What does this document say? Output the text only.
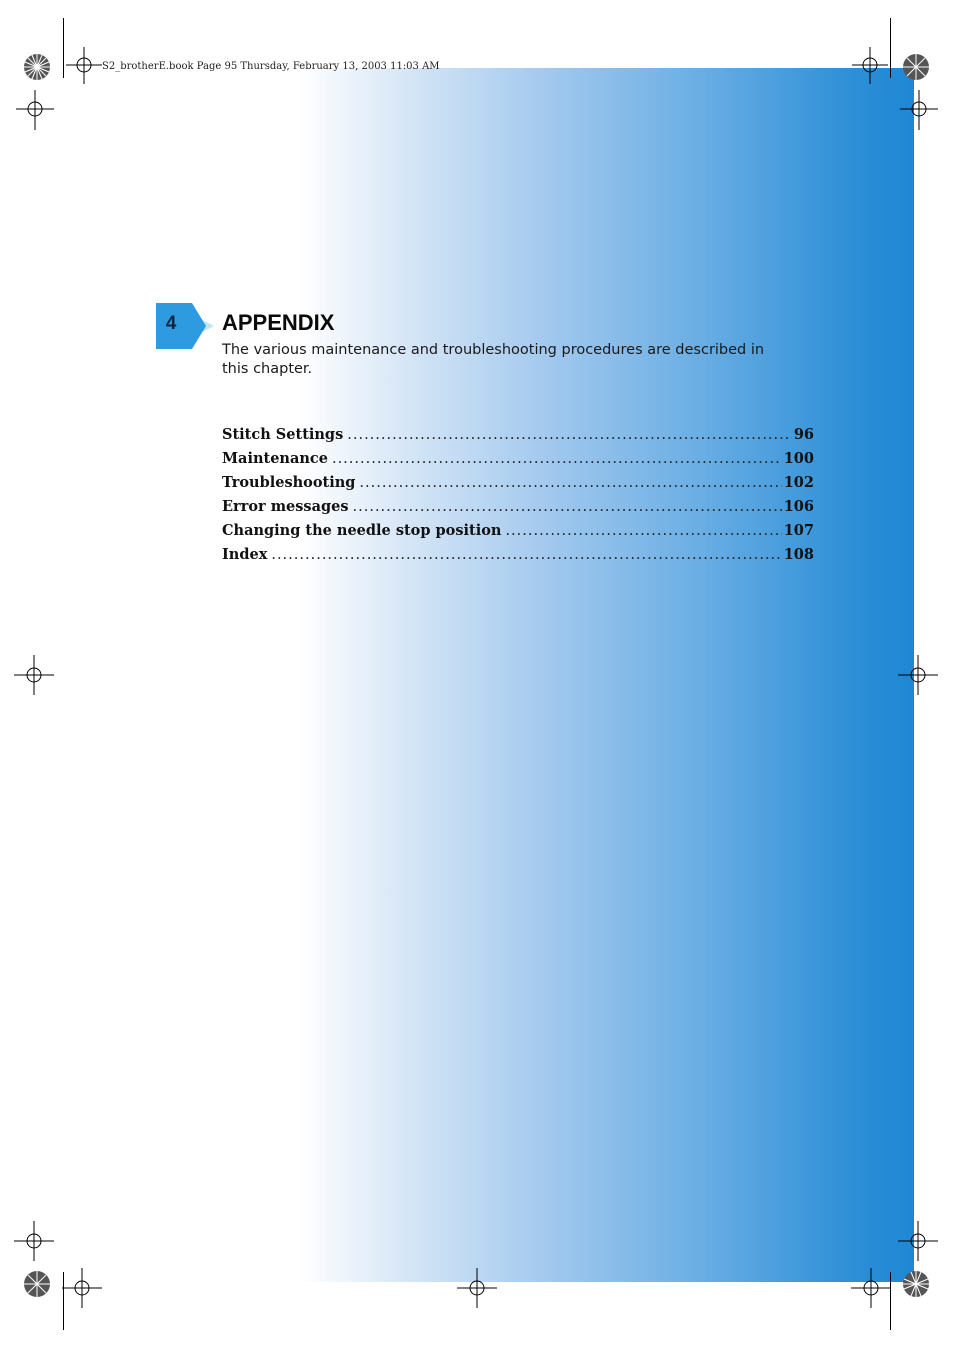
S2_brotherE.book Page 95 Thursday, February 13, 2003 11:03 AM
4	APPENDIX

The various maintenance and troubleshooting procedures are described in this chapter.

Stitch Settings .....	96
Maintenance .....	100
Troubleshooting .....	102
Error messages .....	106
Changing the needle stop position .....	107
Index .....	108
